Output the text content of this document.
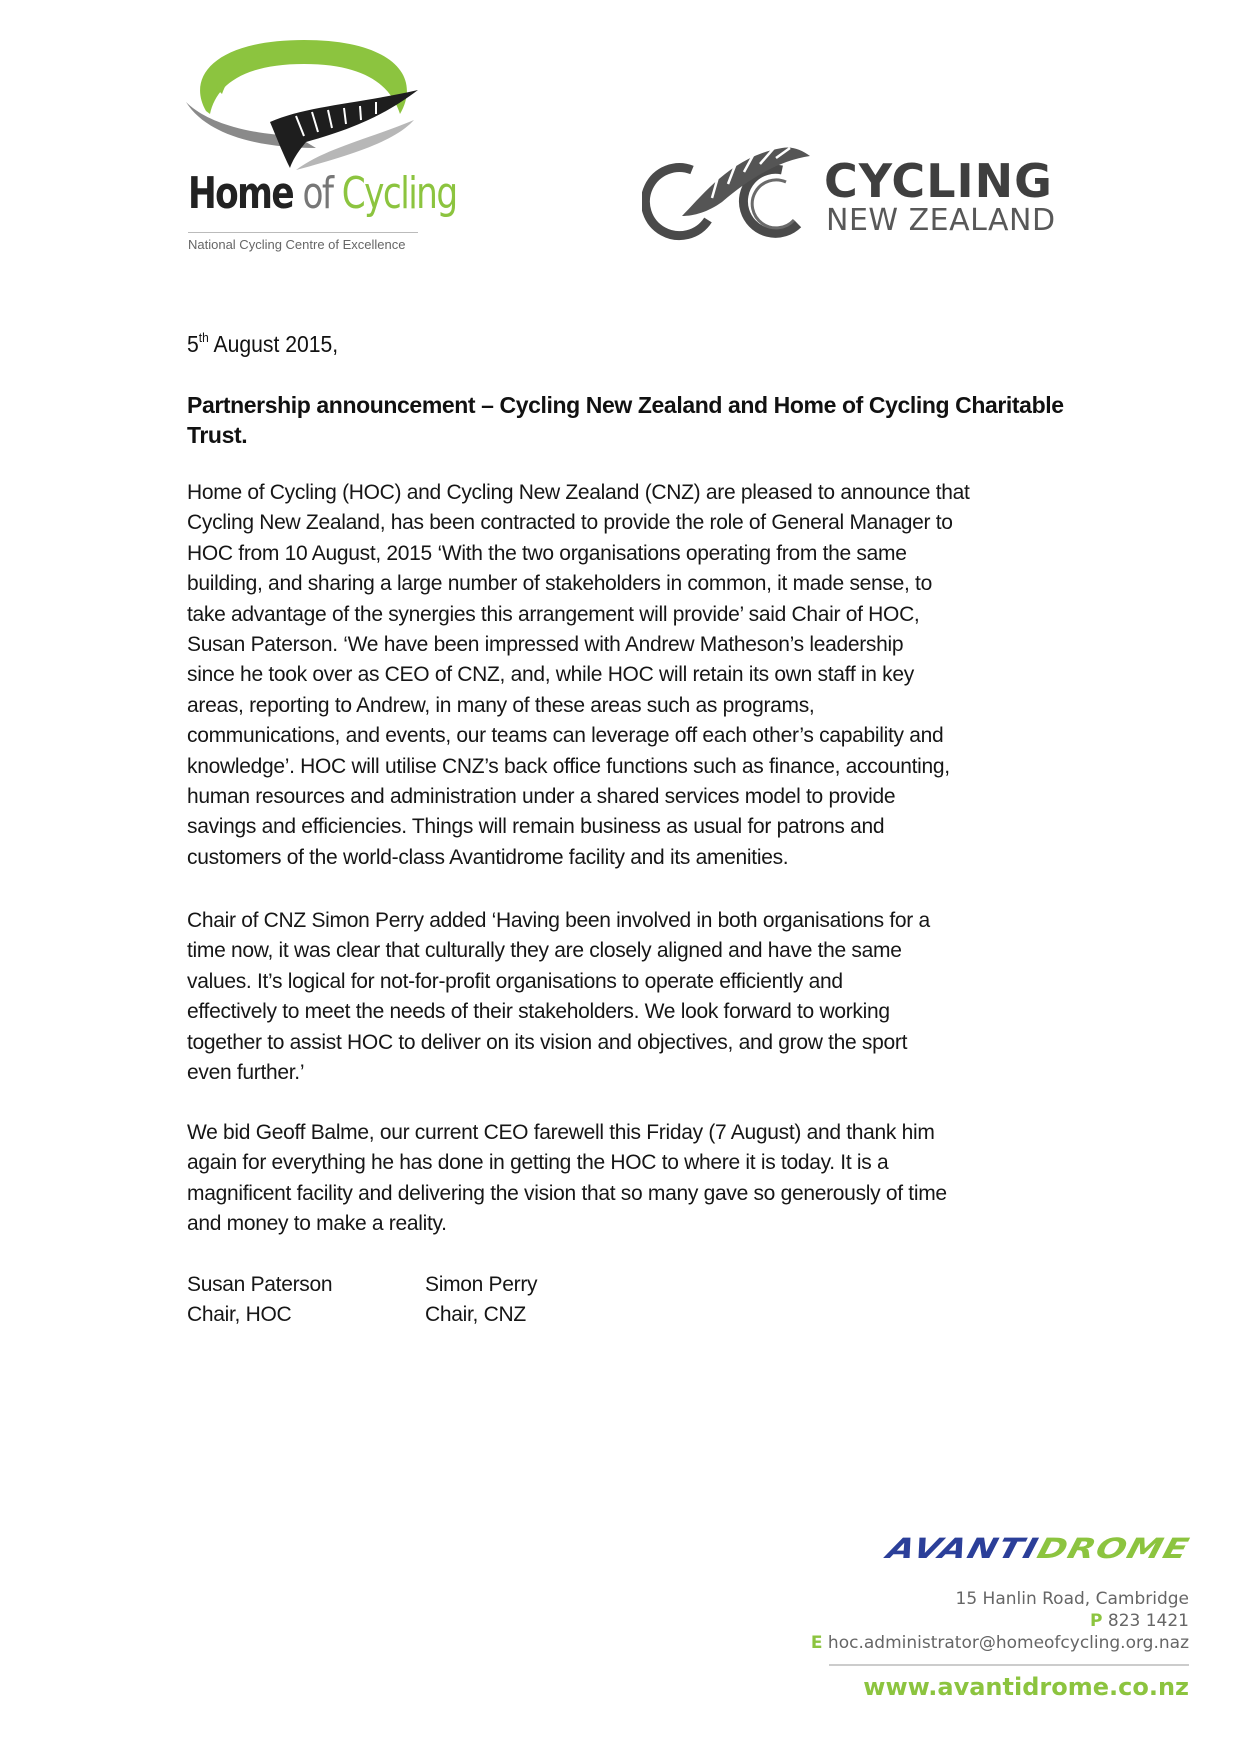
Home of Cycling
National Cycling Centre of Excellence
CYCLING
NEW ZEALAND
5th August 2015,
Partnership announcement – Cycling New Zealand and Home of Cycling Charitable Trust.
Home of Cycling (HOC) and Cycling New Zealand (CNZ) are pleased to announce that
Cycling New Zealand, has been contracted to provide the role of General Manager to
HOC from 10 August, 2015 ‘With the two organisations operating from the same
building, and sharing a large number of stakeholders in common, it made sense, to
take advantage of the synergies this arrangement will provide’ said Chair of HOC,
Susan Paterson. ‘We have been impressed with Andrew Matheson’s leadership
since he took over as CEO of CNZ, and, while HOC will retain its own staff in key
areas, reporting to Andrew, in many of these areas such as programs,
communications, and events, our teams can leverage off each other’s capability and
knowledge’. HOC will utilise CNZ’s back office functions such as finance, accounting,
human resources and administration under a shared services model to provide
savings and efficiencies. Things will remain business as usual for patrons and
customers of the world-class Avantidrome facility and its amenities.
Chair of CNZ Simon Perry added ‘Having been involved in both organisations for a
time now, it was clear that culturally they are closely aligned and have the same
values. It’s logical for not-for-profit organisations to operate efficiently and
effectively to meet the needs of their stakeholders. We look forward to working
together to assist HOC to deliver on its vision and objectives, and grow the sport
even further.’
We bid Geoff Balme, our current CEO farewell this Friday (7 August) and thank him
again for everything he has done in getting the HOC to where it is today. It is a
magnificent facility and delivering the vision that so many gave so generously of time
and money to make a reality.
Susan Paterson
Chair, HOC
Simon Perry
Chair, CNZ
AVANTIDROME
15 Hanlin Road, Cambridge
P 823 1421
E hoc.administrator@homeofcycling.org.naz
www.avantidrome.co.nz
